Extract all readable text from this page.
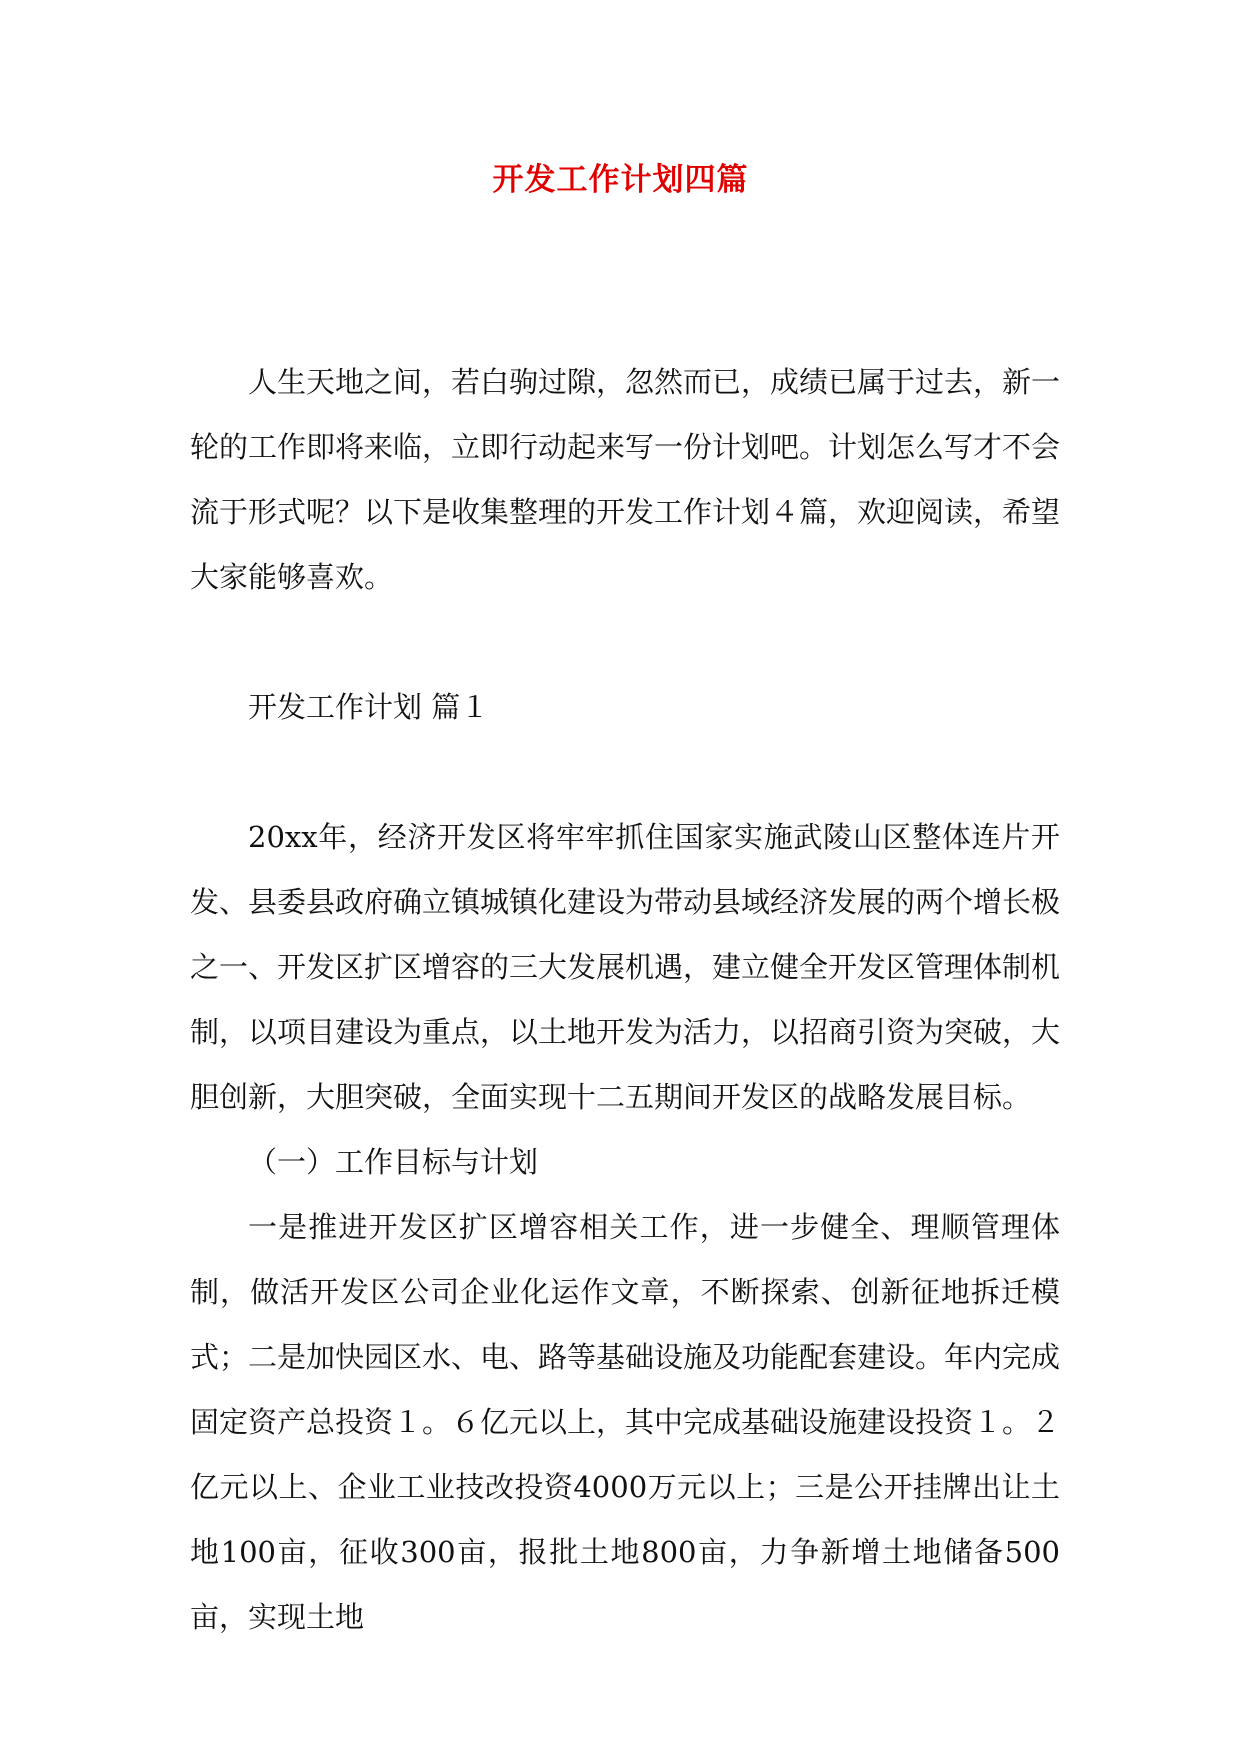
开发工作计划四篇
人生天地之间，若白驹过隙，忽然而已，成绩已属于过去，新一轮的工作即将来临，立即行动起来写一份计划吧。计划怎么写才不会流于形式呢？以下是收集整理的开发工作计划４篇，欢迎阅读，希望大家能够喜欢。
开发工作计划 篇１
20xx年，经济开发区将牢牢抓住国家实施武陵山区整体连片开发、县委县政府确立镇城镇化建设为带动县域经济发展的两个增长极之一、开发区扩区增容的三大发展机遇，建立健全开发区管理体制机制，以项目建设为重点，以土地开发为活力，以招商引资为突破，大胆创新，大胆突破，全面实现十二五期间开发区的战略发展目标。
（一）工作目标与计划
一是推进开发区扩区增容相关工作，进一步健全、理顺管理体制，做活开发区公司企业化运作文章，不断探索、创新征地拆迁模式；二是加快园区水、电、路等基础设施及功能配套建设。年内完成固定资产总投资１。６亿元以上，其中完成基础设施建设投资１。２亿元以上、企业工业技改投资4000万元以上；三是公开挂牌出让土地100亩，征收300亩，报批土地800亩，力争新增土地储备500亩，实现土地
